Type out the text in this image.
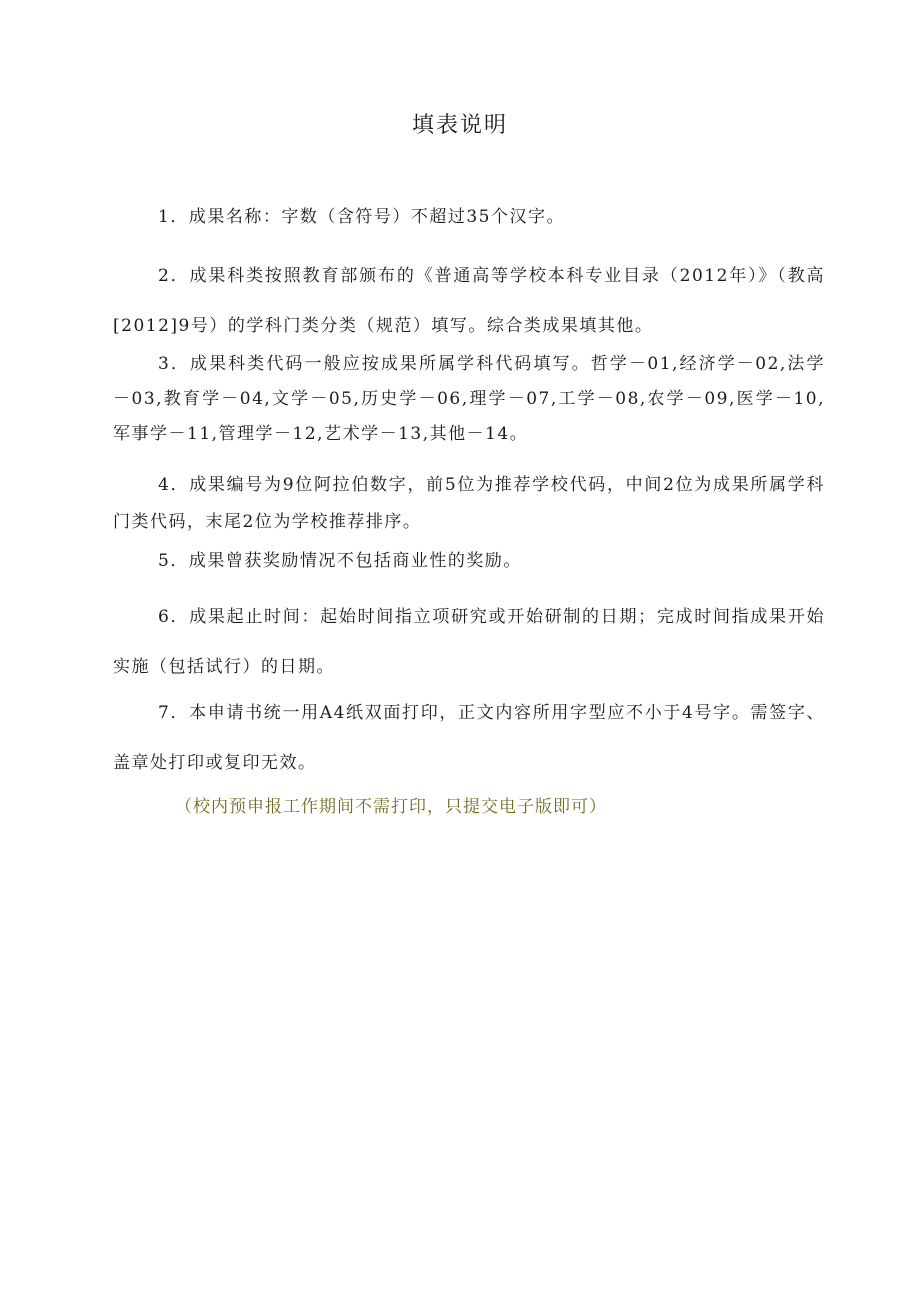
填表说明

1．成果名称：字数（含符号）不超过35个汉字。

2．成果科类按照教育部颁布的《普通高等学校本科专业目录（2012年）》（教高[2012]9号）的学科门类分类（规范）填写。综合类成果填其他。

3．成果科类代码一般应按成果所属学科代码填写。哲学－01,经济学－02,法学－03,教育学－04,文学－05,历史学－06,理学－07,工学－08,农学－09,医学－10,军事学－11,管理学－12,艺术学－13,其他－14。

4．成果编号为9位阿拉伯数字，前5位为推荐学校代码，中间2位为成果所属学科门类代码，末尾2位为学校推荐排序。

5．成果曾获奖励情况不包括商业性的奖励。

6．成果起止时间：起始时间指立项研究或开始研制的日期；完成时间指成果开始实施（包括试行）的日期。

7．本申请书统一用A4纸双面打印，正文内容所用字型应不小于4号字。需签字、盖章处打印或复印无效。

（校内预申报工作期间不需打印，只提交电子版即可）
